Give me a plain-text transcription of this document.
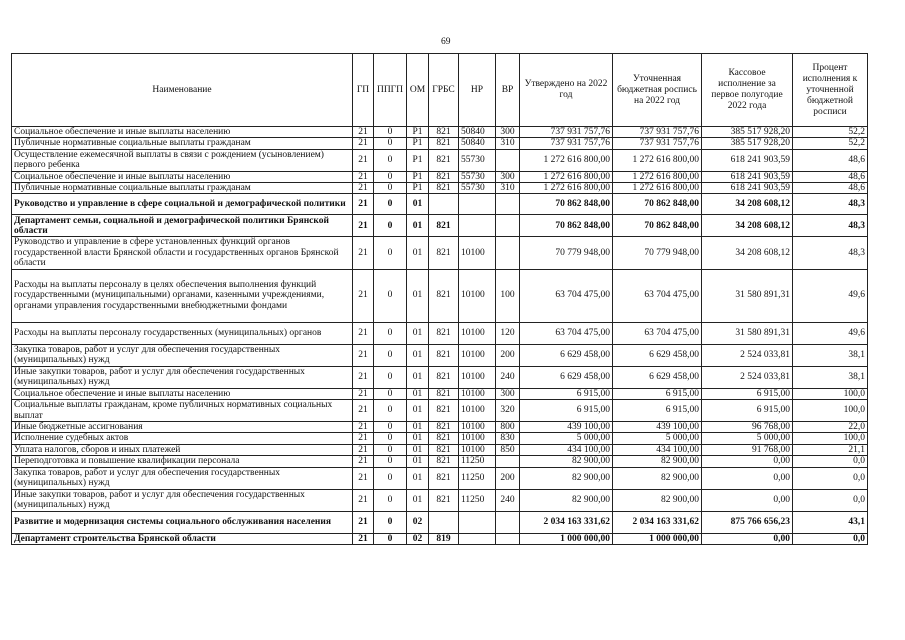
69
Наименование	ГП	ППГП	ОМ	ГРБС	НР	ВР	Утверждено на 2022 год	Уточненная бюджетная роспись на 2022 год	Кассовое исполнение за первое полугодие 2022 года	Процент исполнения к уточненной бюджетной росписи
Социальное обеспечение и иные выплаты населению	21	0	P1	821	50840	300	737 931 757,76	737 931 757,76	385 517 928,20	52,2
Публичные нормативные социальные выплаты гражданам	21	0	P1	821	50840	310	737 931 757,76	737 931 757,76	385 517 928,20	52,2
Осуществление ежемесячной выплаты в связи с рождением (усыновлением) первого ребенка	21	0	P1	821	55730		1 272 616 800,00	1 272 616 800,00	618 241 903,59	48,6
Социальное обеспечение и иные выплаты населению	21	0	P1	821	55730	300	1 272 616 800,00	1 272 616 800,00	618 241 903,59	48,6
Публичные нормативные социальные выплаты гражданам	21	0	P1	821	55730	310	1 272 616 800,00	1 272 616 800,00	618 241 903,59	48,6
Руководство и управление в сфере социальной и демографической политики	21	0	01				70 862 848,00	70 862 848,00	34 208 608,12	48,3
Департамент семьи, социальной и демографической политики Брянской области	21	0	01	821			70 862 848,00	70 862 848,00	34 208 608,12	48,3
Руководство и управление в сфере установленных функций органов государственной власти Брянской области и государственных органов Брянской области	21	0	01	821	10100		70 779 948,00	70 779 948,00	34 208 608,12	48,3
Расходы на выплаты персоналу в целях обеспечения выполнения функций государственными (муниципальными) органами, казенными учреждениями, органами управления государственными внебюджетными фондами	21	0	01	821	10100	100	63 704 475,00	63 704 475,00	31 580 891,31	49,6
Расходы на выплаты персоналу государственных (муниципальных) органов	21	0	01	821	10100	120	63 704 475,00	63 704 475,00	31 580 891,31	49,6
Закупка товаров, работ и услуг для обеспечения государственных (муниципальных) нужд	21	0	01	821	10100	200	6 629 458,00	6 629 458,00	2 524 033,81	38,1
Иные закупки товаров, работ и услуг для обеспечения государственных (муниципальных) нужд	21	0	01	821	10100	240	6 629 458,00	6 629 458,00	2 524 033,81	38,1
Социальное обеспечение и иные выплаты населению	21	0	01	821	10100	300	6 915,00	6 915,00	6 915,00	100,0
Социальные выплаты гражданам, кроме публичных нормативных социальных выплат	21	0	01	821	10100	320	6 915,00	6 915,00	6 915,00	100,0
Иные бюджетные ассигнования	21	0	01	821	10100	800	439 100,00	439 100,00	96 768,00	22,0
Исполнение судебных актов	21	0	01	821	10100	830	5 000,00	5 000,00	5 000,00	100,0
Уплата налогов, сборов и иных платежей	21	0	01	821	10100	850	434 100,00	434 100,00	91 768,00	21,1
Переподготовка и повышение квалификации персонала	21	0	01	821	11250		82 900,00	82 900,00	0,00	0,0
Закупка товаров, работ и услуг для обеспечения государственных (муниципальных) нужд	21	0	01	821	11250	200	82 900,00	82 900,00	0,00	0,0
Иные закупки товаров, работ и услуг для обеспечения государственных (муниципальных) нужд	21	0	01	821	11250	240	82 900,00	82 900,00	0,00	0,0
Развитие и модернизация системы социального обслуживания населения	21	0	02				2 034 163 331,62	2 034 163 331,62	875 766 656,23	43,1
Департамент строительства Брянской области	21	0	02	819			1 000 000,00	1 000 000,00	0,00	0,0
